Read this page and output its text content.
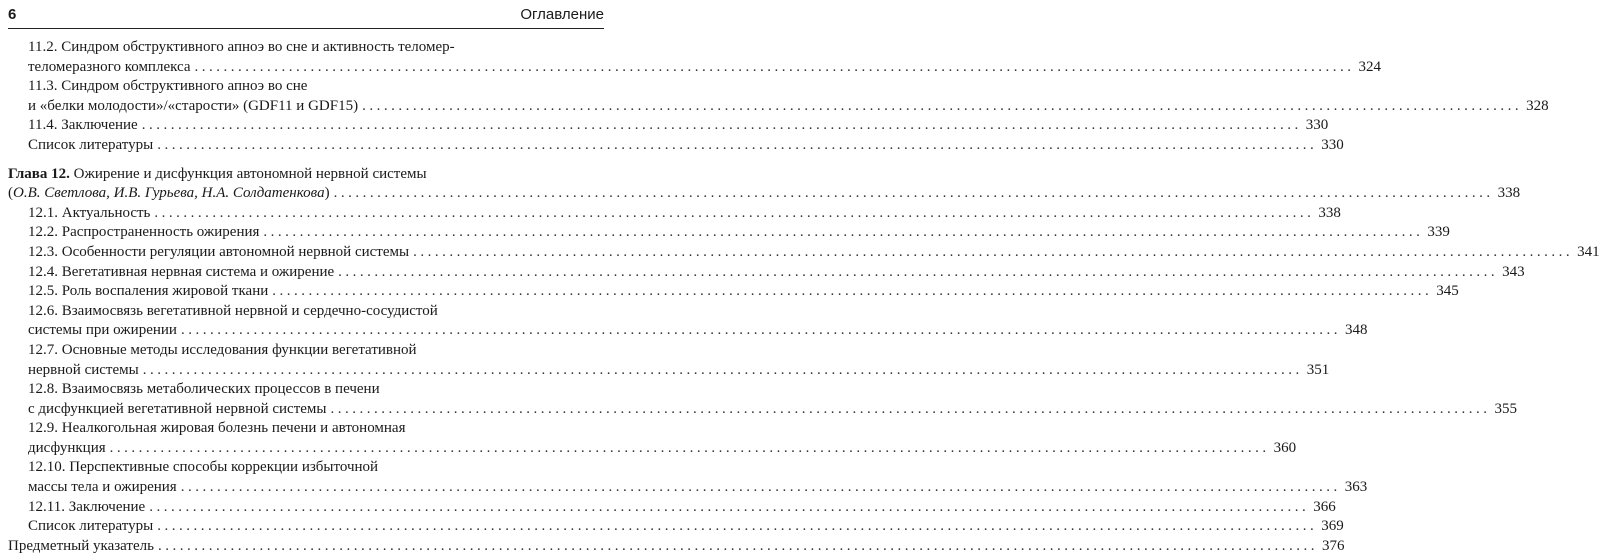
6	Оглавление
11.2. Синдром обструктивного апноэ во сне и активность теломер-
теломеразного комплекса ................................................................................................................................................................ 324
11.3. Синдром обструктивного апноэ во сне
и «белки молодости»/«старости» (GDF11 и GDF15) ................................................................................................................................................................ 328
11.4. Заключение ................................................................................................................................................................ 330
Список литературы ................................................................................................................................................................ 330
Глава 12. Ожирение и дисфункция автономной нервной системы
(О.В. Светлова, И.В. Гурьева, Н.А. Солдатенкова) ................................................................................................................................................................ 338
12.1. Актуальность ................................................................................................................................................................ 338
12.2. Распространенность ожирения ................................................................................................................................................................ 339
12.3. Особенности регуляции автономной нервной системы ................................................................................................................................................................ 341
12.4. Вегетативная нервная система и ожирение ................................................................................................................................................................ 343
12.5. Роль воспаления жировой ткани ................................................................................................................................................................ 345
12.6. Взаимосвязь вегетативной нервной и сердечно-сосудистой
системы при ожирении ................................................................................................................................................................ 348
12.7. Основные методы исследования функции вегетативной
нервной системы ................................................................................................................................................................ 351
12.8. Взаимосвязь метаболических процессов в печени
с дисфункцией вегетативной нервной системы ................................................................................................................................................................ 355
12.9. Неалкогольная жировая болезнь печени и автономная
дисфункция ................................................................................................................................................................ 360
12.10. Перспективные способы коррекции избыточной
массы тела и ожирения ................................................................................................................................................................ 363
12.11. Заключение ................................................................................................................................................................ 366
Список литературы ................................................................................................................................................................ 369
Предметный указатель ................................................................................................................................................................ 376
